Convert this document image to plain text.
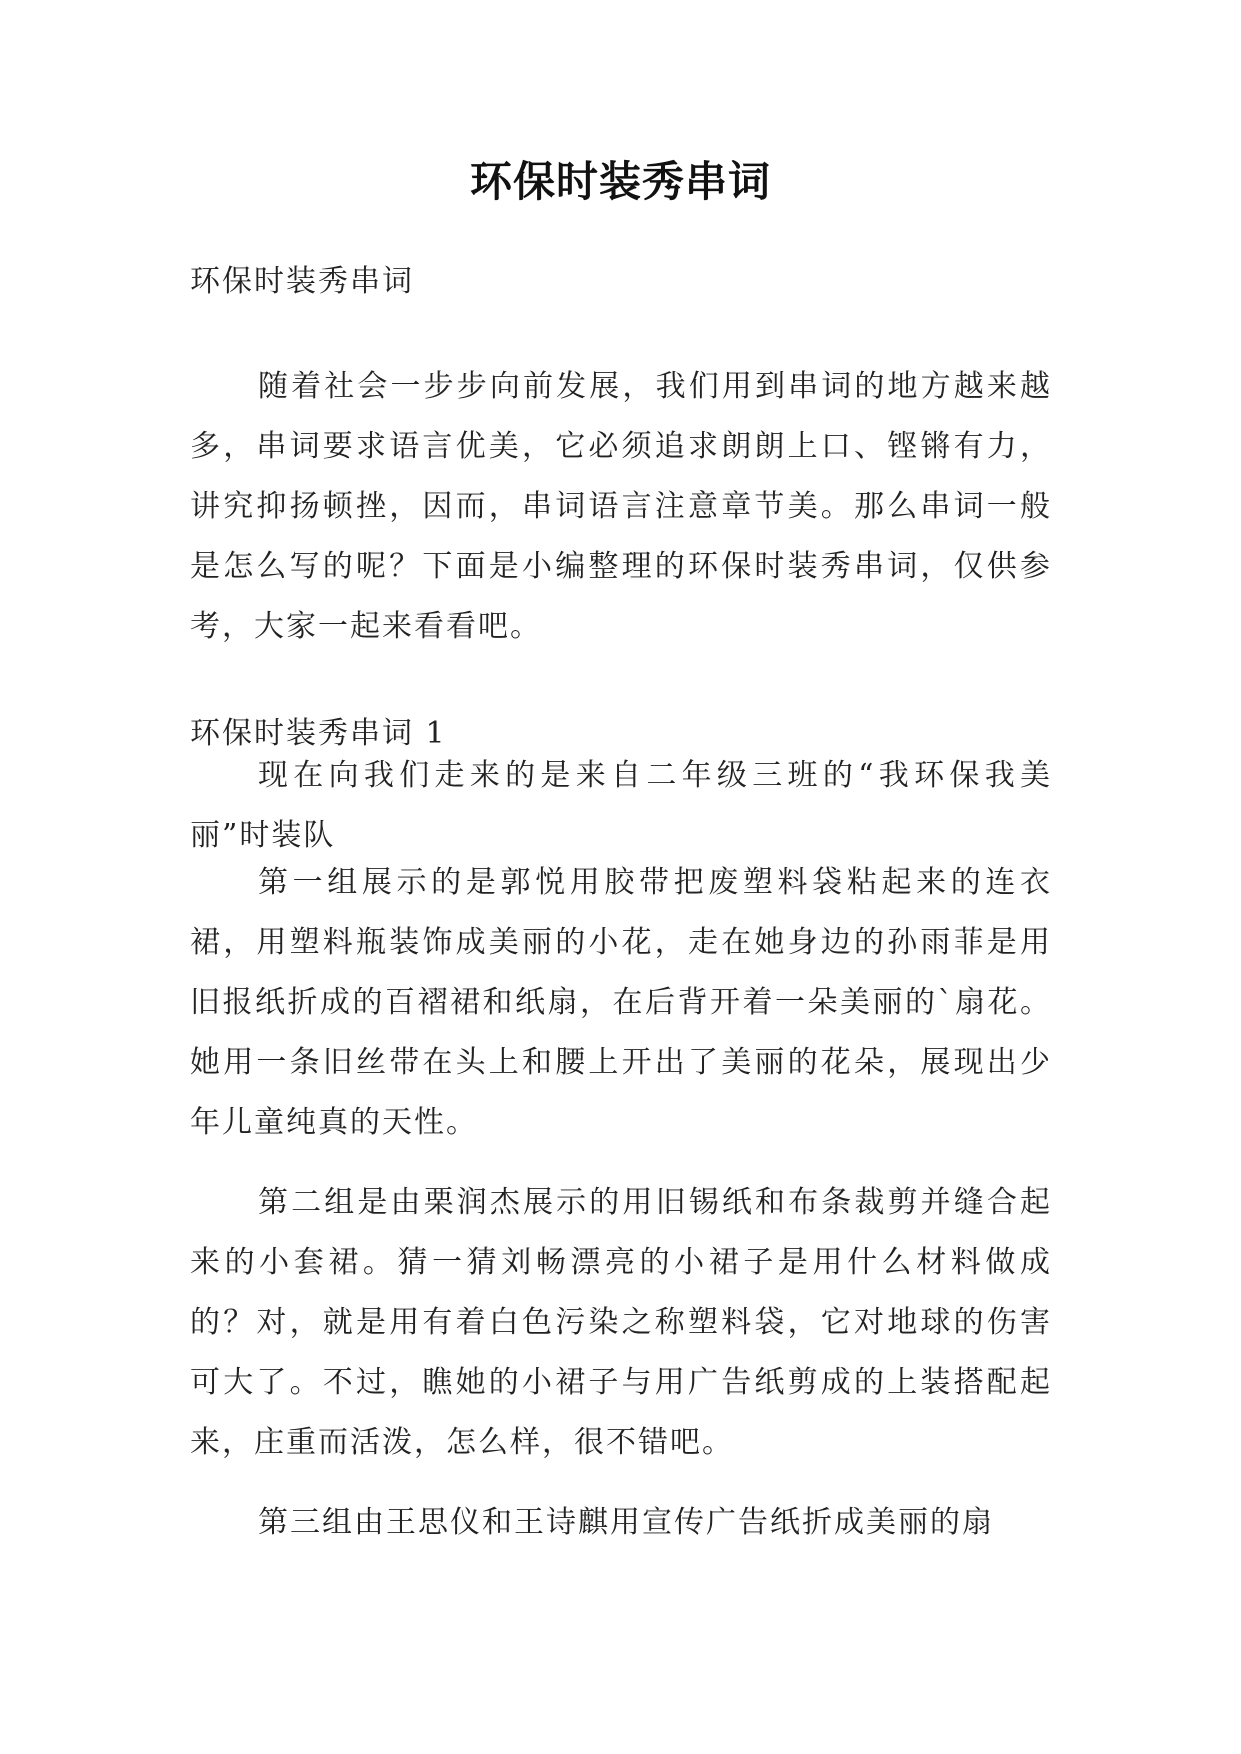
环保时装秀串词
环保时装秀串词
随着社会一步步向前发展，我们用到串词的地方越来越多，串词要求语言优美，它必须追求朗朗上口、铿锵有力，讲究抑扬顿挫，因而，串词语言注意章节美。那么串词一般是怎么写的呢？下面是小编整理的环保时装秀串词，仅供参考，大家一起来看看吧。
环保时装秀串词 1
现在向我们走来的是来自二年级三班的“我环保我美丽”时装队
第一组展示的是郭悦用胶带把废塑料袋粘起来的连衣裙，用塑料瓶装饰成美丽的小花，走在她身边的孙雨菲是用旧报纸折成的百褶裙和纸扇，在后背开着一朵美丽的`扇花。她用一条旧丝带在头上和腰上开出了美丽的花朵，展现出少年儿童纯真的天性。
第二组是由栗润杰展示的用旧锡纸和布条裁剪并缝合起来的小套裙。猜一猜刘畅漂亮的小裙子是用什么材料做成的？对，就是用有着白色污染之称塑料袋，它对地球的伤害可大了。不过，瞧她的小裙子与用广告纸剪成的上装搭配起来，庄重而活泼，怎么样，很不错吧。
第三组由王思仪和王诗麒用宣传广告纸折成美丽的扇
